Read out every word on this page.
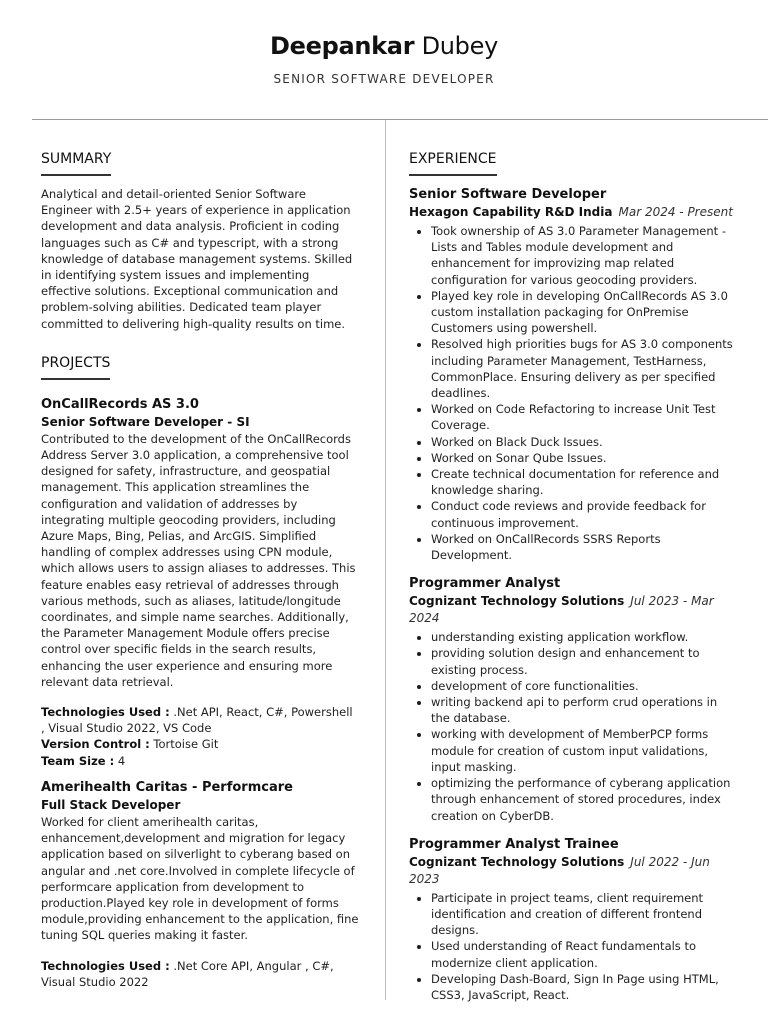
Deepankar Dubey
SENIOR SOFTWARE DEVELOPER
SUMMARY

Analytical and detail-oriented Senior Software Engineer with 2.5+ years of experience in application development and data analysis. Proficient in coding languages such as C# and typescript, with a strong knowledge of database management systems. Skilled in identifying system issues and implementing effective solutions. Exceptional communication and problem-solving abilities. Dedicated team player committed to delivering high-quality results on time.

PROJECTS
OnCallRecords AS 3.0
Senior Software Developer - SI

Contributed to the development of the OnCallRecords Address Server 3.0 application, a comprehensive tool designed for safety, infrastructure, and geospatial management. This application streamlines the configuration and validation of addresses by integrating multiple geocoding providers, including Azure Maps, Bing, Pelias, and ArcGIS. Simplified handling of complex addresses using CPN module, which allows users to assign aliases to addresses. This feature enables easy retrieval of addresses through various methods, such as aliases, latitude/longitude coordinates, and simple name searches. Additionally, the Parameter Management Module offers precise control over specific fields in the search results, enhancing the user experience and ensuring more relevant data retrieval.

Technologies Used : .Net API, React, C#, Powershell , Visual Studio 2022, VS Code

Version Control : Tortoise Git

Team Size : 4

Amerihealth Caritas - Performcare
Full Stack Developer

Worked for client amerihealth caritas, enhancement,development and migration for legacy application based on silverlight to cyberang based on angular and .net core.Involved in complete lifecycle of performcare application from development to production.Played key role in development of forms module,providing enhancement to the application, fine tuning SQL queries making it faster.

Technologies Used : .Net Core API, Angular , C#, Visual Studio 2022

EXPERIENCE
Senior Software Developer
Hexagon Capability R&D India Mar 2024 - Present
• Took ownership of AS 3.0 Parameter Management - Lists and Tables module development and enhancement for improvizing map related configuration for various geocoding providers.
• Played key role in developing OnCallRecords AS 3.0 custom installation packaging for OnPremise Customers using powershell.
• Resolved high priorities bugs for AS 3.0 components including Parameter Management, TestHarness, CommonPlace. Ensuring delivery as per specified deadlines.
• Worked on Code Refactoring to increase Unit Test Coverage.
• Worked on Black Duck Issues.
• Worked on Sonar Qube Issues.
• Create technical documentation for reference and knowledge sharing.
• Conduct code reviews and provide feedback for continuous improvement.
• Worked on OnCallRecords SSRS Reports Development.
Programmer Analyst
Cognizant Technology Solutions Jul 2023 - Mar 2024
• understanding existing application workflow.
• providing solution design and enhancement to existing process.
• development of core functionalities.
• writing backend api to perform crud operations in the database.
• working with development of MemberPCP forms module for creation of custom input validations, input masking.
• optimizing the performance of cyberang application through enhancement of stored procedures, index creation on CyberDB.
Programmer Analyst Trainee
Cognizant Technology Solutions Jul 2022 - Jun 2023
• Participate in project teams, client requirement identification and creation of different frontend designs.
• Used understanding of React fundamentals to modernize client application.
• Developing Dash-Board, Sign In Page using HTML, CSS3, JavaScript, React.
